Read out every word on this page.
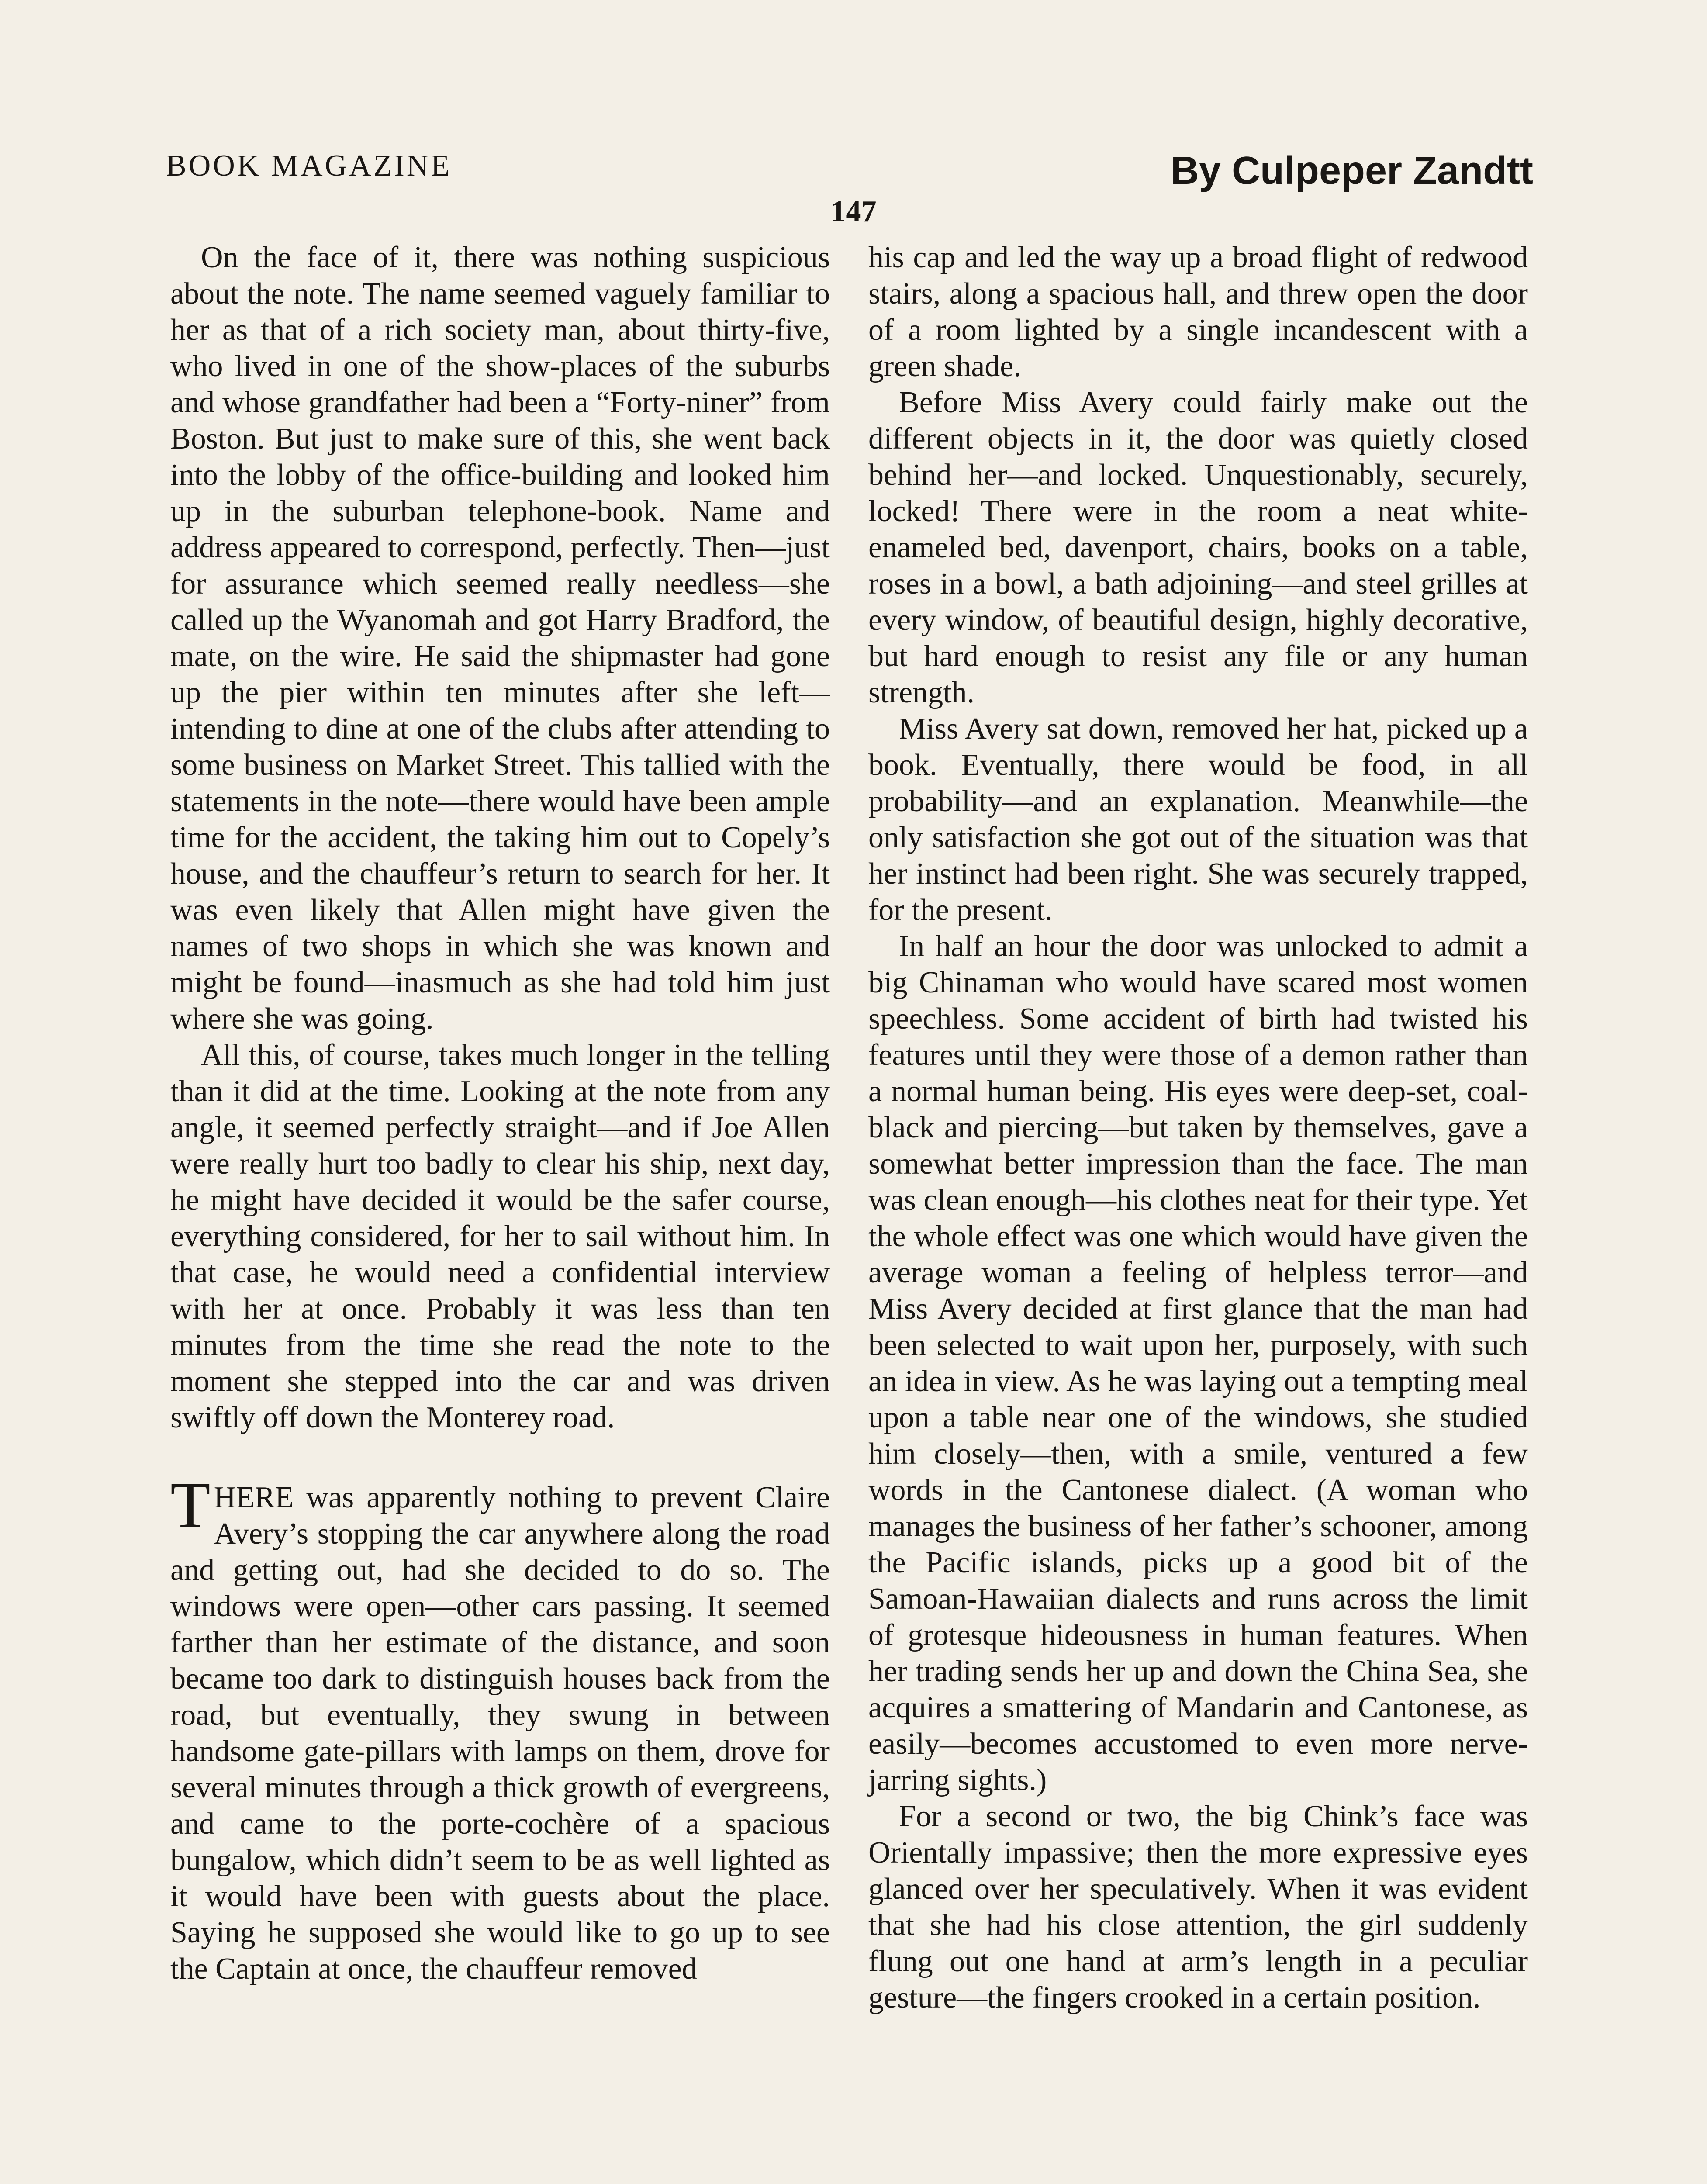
BOOK MAGAZINE	By Culpeper Zandtt
147

On the face of it, there was nothing suspicious about the note. The name seemed vaguely familiar to her as that of a rich society man, about thirty-five, who lived in one of the show-places of the suburbs and whose grandfather had been a “Forty-niner” from Boston. But just to make sure of this, she went back into the lobby of the office-building and looked him up in the suburban telephone-book. Name and address appeared to correspond, perfectly. Then—just for assurance which seemed really needless—she called up the Wyanomah and got Harry Bradford, the mate, on the wire. He said the shipmaster had gone up the pier within ten minutes after she left—intending to dine at one of the clubs after attending to some business on Market Street. This tallied with the statements in the note—there would have been ample time for the accident, the taking him out to Copely’s house, and the chauffeur’s return to search for her. It was even likely that Allen might have given the names of two shops in which she was known and might be found—inasmuch as she had told him just where she was going.

All this, of course, takes much longer in the telling than it did at the time. Looking at the note from any angle, it seemed perfectly straight—and if Joe Allen were really hurt too badly to clear his ship, next day, he might have decided it would be the safer course, everything considered, for her to sail without him. In that case, he would need a confidential interview with her at once. Probably it was less than ten minutes from the time she read the note to the moment she stepped into the car and was driven swiftly off down the Monterey road.

THERE was apparently nothing to prevent Claire Avery’s stopping the car anywhere along the road and getting out, had she decided to do so. The windows were open—other cars passing. It seemed farther than her estimate of the distance, and soon became too dark to distinguish houses back from the road, but eventually, they swung in between handsome gate-pillars with lamps on them, drove for several minutes through a thick growth of evergreens, and came to the porte-cochère of a spacious bungalow, which didn’t seem to be as well lighted as it would have been with guests about the place. Saying he supposed she would like to go up to see the Captain at once, the chauffeur removed

his cap and led the way up a broad flight of redwood stairs, along a spacious hall, and threw open the door of a room lighted by a single incandescent with a green shade.

Before Miss Avery could fairly make out the different objects in it, the door was quietly closed behind her—and locked. Unquestionably, securely, locked! There were in the room a neat white-enameled bed, davenport, chairs, books on a table, roses in a bowl, a bath adjoining—and steel grilles at every window, of beautiful design, highly decorative, but hard enough to resist any file or any human strength.

Miss Avery sat down, removed her hat, picked up a book. Eventually, there would be food, in all probability—and an explanation. Meanwhile—the only satisfaction she got out of the situation was that her instinct had been right. She was securely trapped, for the present.

In half an hour the door was unlocked to admit a big Chinaman who would have scared most women speechless. Some accident of birth had twisted his features until they were those of a demon rather than a normal human being. His eyes were deep-set, coal-black and piercing—but taken by themselves, gave a somewhat better impression than the face. The man was clean enough—his clothes neat for their type. Yet the whole effect was one which would have given the average woman a feeling of helpless terror—and Miss Avery decided at first glance that the man had been selected to wait upon her, purposely, with such an idea in view. As he was laying out a tempting meal upon a table near one of the windows, she studied him closely—then, with a smile, ventured a few words in the Cantonese dialect. (A woman who manages the business of her father’s schooner, among the Pacific islands, picks up a good bit of the Samoan-Hawaiian dialects and runs across the limit of grotesque hideousness in human features. When her trading sends her up and down the China Sea, she acquires a smattering of Mandarin and Cantonese, as easily—becomes accustomed to even more nerve-jarring sights.)

For a second or two, the big Chink’s face was Orientally impassive; then the more expressive eyes glanced over her speculatively. When it was evident that she had his close attention, the girl suddenly flung out one hand at arm’s length in a peculiar gesture—the fingers crooked in a certain position.
